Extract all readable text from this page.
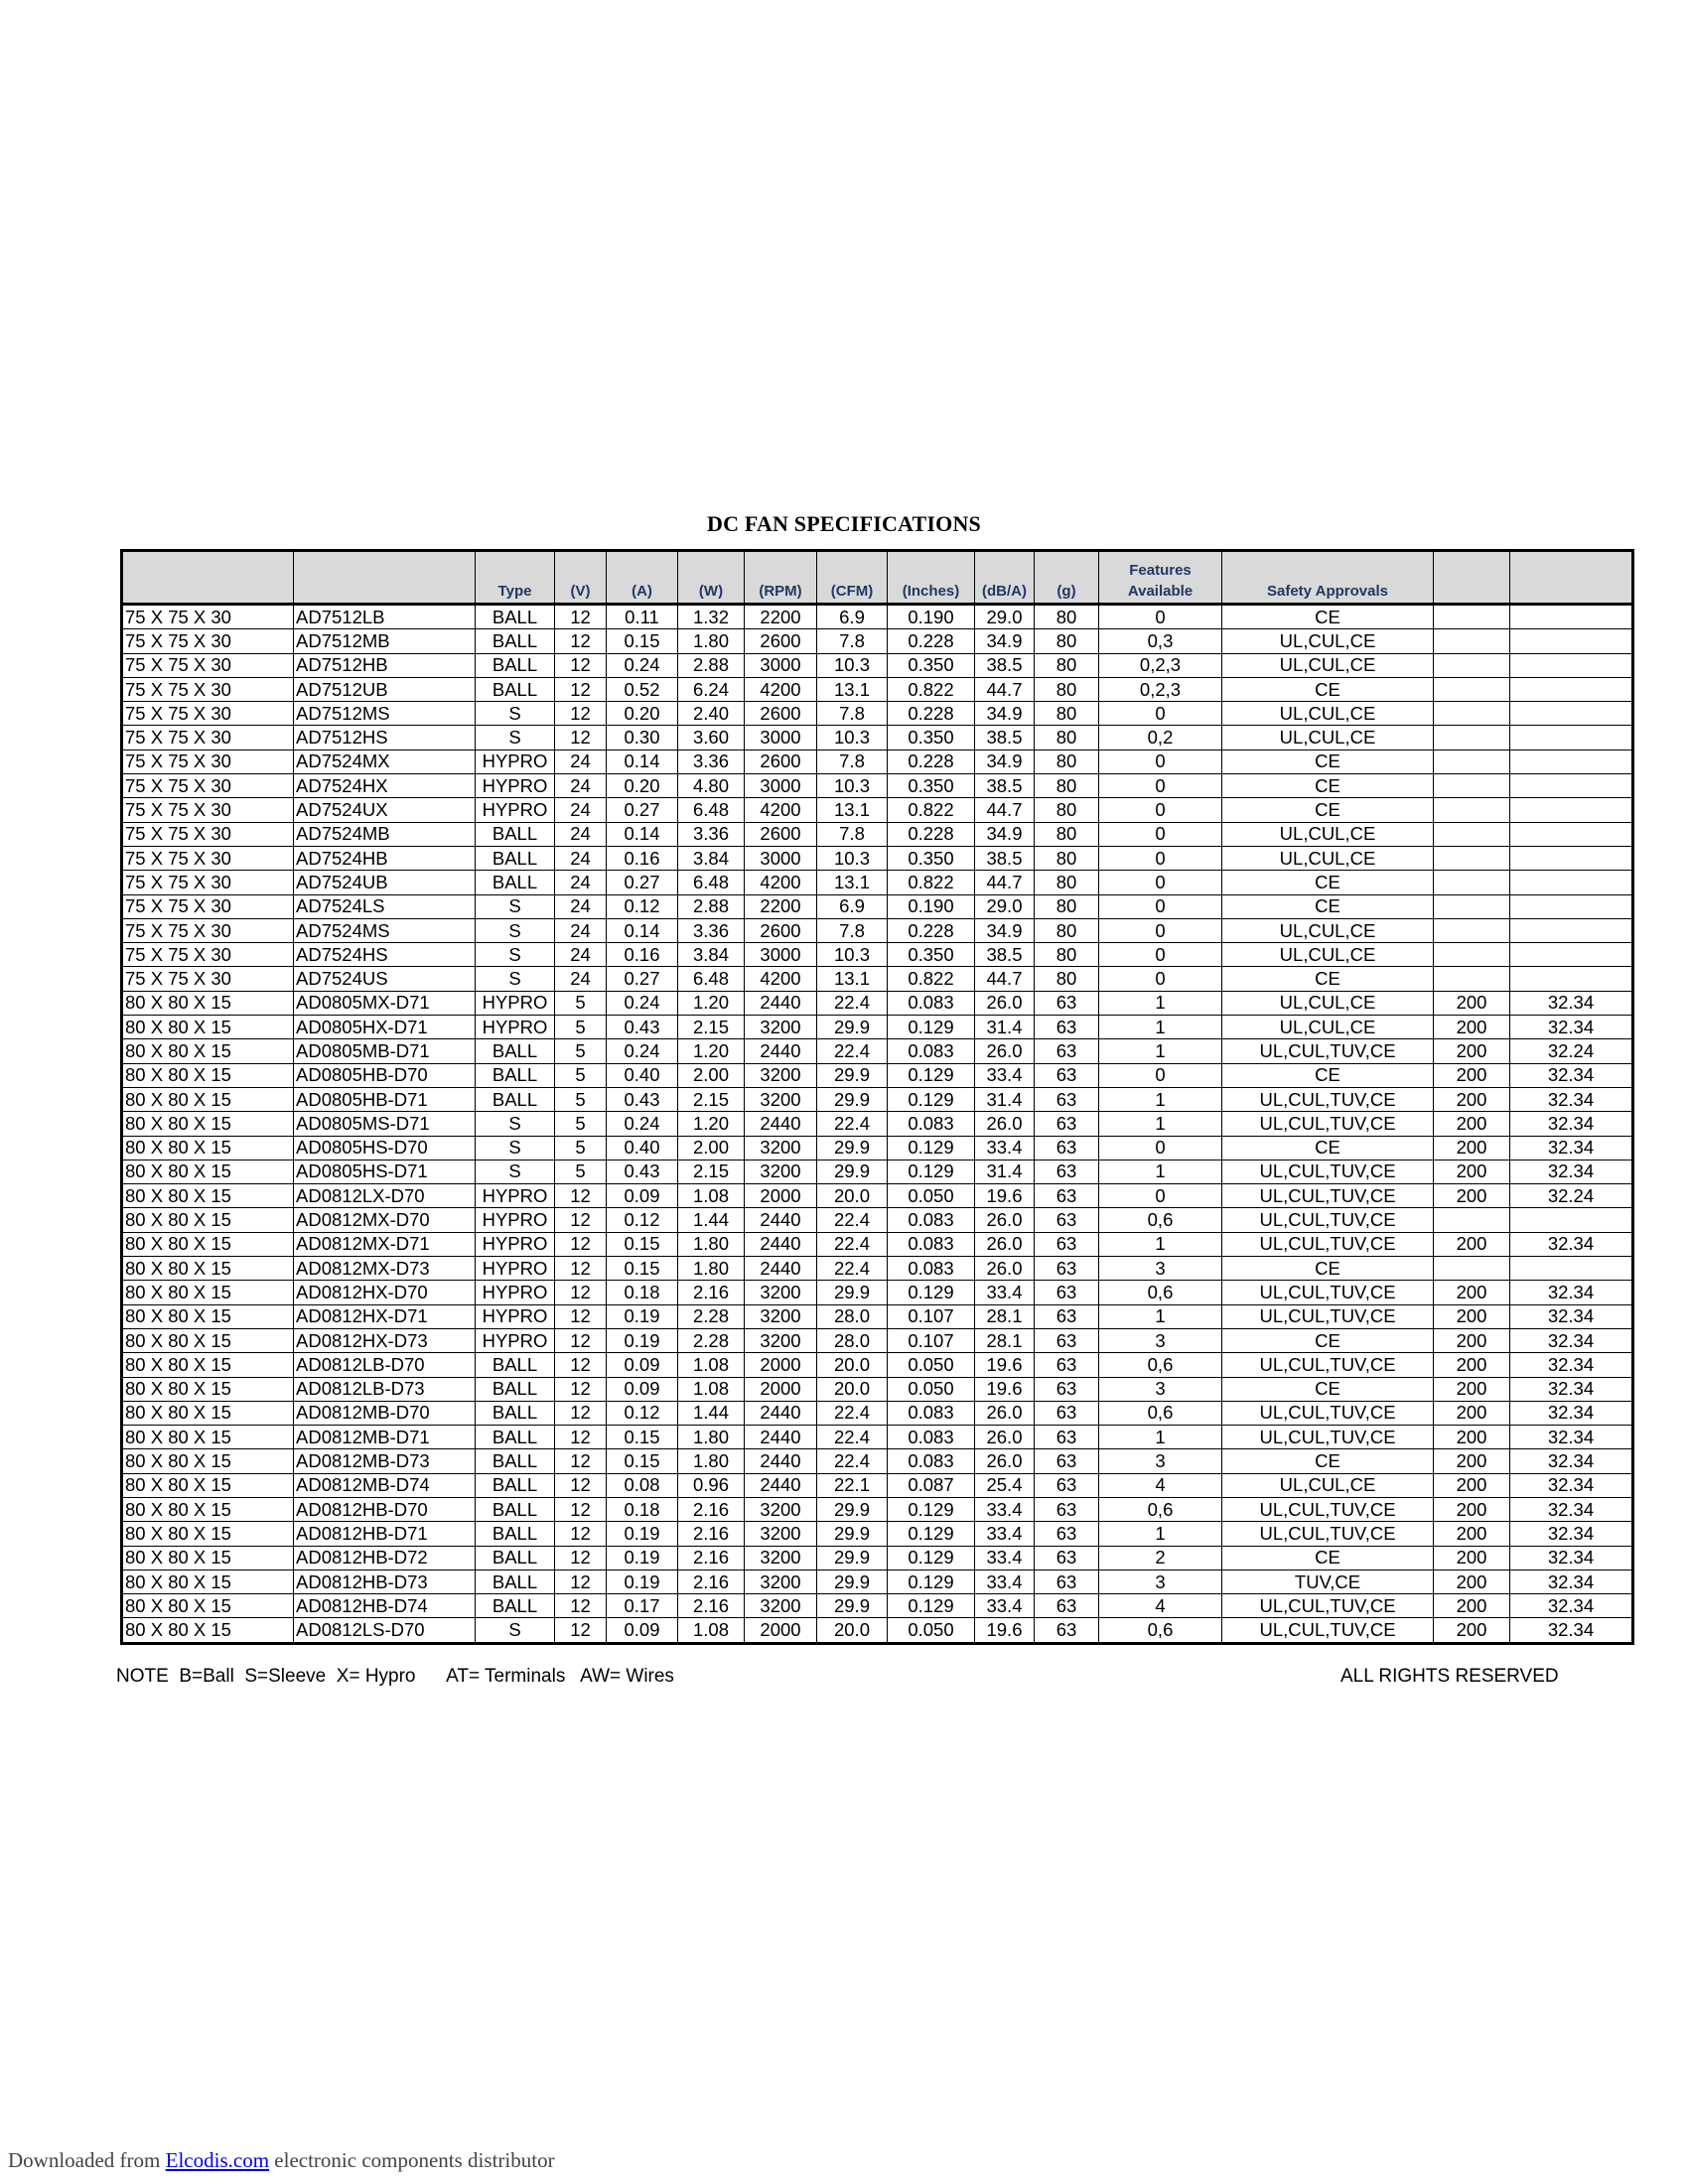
DC FAN SPECIFICATIONS
		Type	(V)	(A)	(W)	(RPM)	(CFM)	(Inches)	(dB/A)	(g)	Features
Available	Safety Approvals		
75 X 75 X 30	AD7512LB	BALL	12	0.11	1.32	2200	6.9	0.190	29.0	80	0	CE		
75 X 75 X 30	AD7512MB	BALL	12	0.15	1.80	2600	7.8	0.228	34.9	80	0,3	UL,CUL,CE		
75 X 75 X 30	AD7512HB	BALL	12	0.24	2.88	3000	10.3	0.350	38.5	80	0,2,3	UL,CUL,CE		
75 X 75 X 30	AD7512UB	BALL	12	0.52	6.24	4200	13.1	0.822	44.7	80	0,2,3	CE		
75 X 75 X 30	AD7512MS	S	12	0.20	2.40	2600	7.8	0.228	34.9	80	0	UL,CUL,CE		
75 X 75 X 30	AD7512HS	S	12	0.30	3.60	3000	10.3	0.350	38.5	80	0,2	UL,CUL,CE		
75 X 75 X 30	AD7524MX	HYPRO	24	0.14	3.36	2600	7.8	0.228	34.9	80	0	CE		
75 X 75 X 30	AD7524HX	HYPRO	24	0.20	4.80	3000	10.3	0.350	38.5	80	0	CE		
75 X 75 X 30	AD7524UX	HYPRO	24	0.27	6.48	4200	13.1	0.822	44.7	80	0	CE		
75 X 75 X 30	AD7524MB	BALL	24	0.14	3.36	2600	7.8	0.228	34.9	80	0	UL,CUL,CE		
75 X 75 X 30	AD7524HB	BALL	24	0.16	3.84	3000	10.3	0.350	38.5	80	0	UL,CUL,CE		
75 X 75 X 30	AD7524UB	BALL	24	0.27	6.48	4200	13.1	0.822	44.7	80	0	CE		
75 X 75 X 30	AD7524LS	S	24	0.12	2.88	2200	6.9	0.190	29.0	80	0	CE		
75 X 75 X 30	AD7524MS	S	24	0.14	3.36	2600	7.8	0.228	34.9	80	0	UL,CUL,CE		
75 X 75 X 30	AD7524HS	S	24	0.16	3.84	3000	10.3	0.350	38.5	80	0	UL,CUL,CE		
75 X 75 X 30	AD7524US	S	24	0.27	6.48	4200	13.1	0.822	44.7	80	0	CE		
80 X 80 X 15	AD0805MX-D71	HYPRO	5	0.24	1.20	2440	22.4	0.083	26.0	63	1	UL,CUL,CE	200	32.34
80 X 80 X 15	AD0805HX-D71	HYPRO	5	0.43	2.15	3200	29.9	0.129	31.4	63	1	UL,CUL,CE	200	32.34
80 X 80 X 15	AD0805MB-D71	BALL	5	0.24	1.20	2440	22.4	0.083	26.0	63	1	UL,CUL,TUV,CE	200	32.24
80 X 80 X 15	AD0805HB-D70	BALL	5	0.40	2.00	3200	29.9	0.129	33.4	63	0	CE	200	32.34
80 X 80 X 15	AD0805HB-D71	BALL	5	0.43	2.15	3200	29.9	0.129	31.4	63	1	UL,CUL,TUV,CE	200	32.34
80 X 80 X 15	AD0805MS-D71	S	5	0.24	1.20	2440	22.4	0.083	26.0	63	1	UL,CUL,TUV,CE	200	32.34
80 X 80 X 15	AD0805HS-D70	S	5	0.40	2.00	3200	29.9	0.129	33.4	63	0	CE	200	32.34
80 X 80 X 15	AD0805HS-D71	S	5	0.43	2.15	3200	29.9	0.129	31.4	63	1	UL,CUL,TUV,CE	200	32.34
80 X 80 X 15	AD0812LX-D70	HYPRO	12	0.09	1.08	2000	20.0	0.050	19.6	63	0	UL,CUL,TUV,CE	200	32.24
80 X 80 X 15	AD0812MX-D70	HYPRO	12	0.12	1.44	2440	22.4	0.083	26.0	63	0,6	UL,CUL,TUV,CE		
80 X 80 X 15	AD0812MX-D71	HYPRO	12	0.15	1.80	2440	22.4	0.083	26.0	63	1	UL,CUL,TUV,CE	200	32.34
80 X 80 X 15	AD0812MX-D73	HYPRO	12	0.15	1.80	2440	22.4	0.083	26.0	63	3	CE		
80 X 80 X 15	AD0812HX-D70	HYPRO	12	0.18	2.16	3200	29.9	0.129	33.4	63	0,6	UL,CUL,TUV,CE	200	32.34
80 X 80 X 15	AD0812HX-D71	HYPRO	12	0.19	2.28	3200	28.0	0.107	28.1	63	1	UL,CUL,TUV,CE	200	32.34
80 X 80 X 15	AD0812HX-D73	HYPRO	12	0.19	2.28	3200	28.0	0.107	28.1	63	3	CE	200	32.34
80 X 80 X 15	AD0812LB-D70	BALL	12	0.09	1.08	2000	20.0	0.050	19.6	63	0,6	UL,CUL,TUV,CE	200	32.34
80 X 80 X 15	AD0812LB-D73	BALL	12	0.09	1.08	2000	20.0	0.050	19.6	63	3	CE	200	32.34
80 X 80 X 15	AD0812MB-D70	BALL	12	0.12	1.44	2440	22.4	0.083	26.0	63	0,6	UL,CUL,TUV,CE	200	32.34
80 X 80 X 15	AD0812MB-D71	BALL	12	0.15	1.80	2440	22.4	0.083	26.0	63	1	UL,CUL,TUV,CE	200	32.34
80 X 80 X 15	AD0812MB-D73	BALL	12	0.15	1.80	2440	22.4	0.083	26.0	63	3	CE	200	32.34
80 X 80 X 15	AD0812MB-D74	BALL	12	0.08	0.96	2440	22.1	0.087	25.4	63	4	UL,CUL,CE	200	32.34
80 X 80 X 15	AD0812HB-D70	BALL	12	0.18	2.16	3200	29.9	0.129	33.4	63	0,6	UL,CUL,TUV,CE	200	32.34
80 X 80 X 15	AD0812HB-D71	BALL	12	0.19	2.16	3200	29.9	0.129	33.4	63	1	UL,CUL,TUV,CE	200	32.34
80 X 80 X 15	AD0812HB-D72	BALL	12	0.19	2.16	3200	29.9	0.129	33.4	63	2	CE	200	32.34
80 X 80 X 15	AD0812HB-D73	BALL	12	0.19	2.16	3200	29.9	0.129	33.4	63	3	TUV,CE	200	32.34
80 X 80 X 15	AD0812HB-D74	BALL	12	0.17	2.16	3200	29.9	0.129	33.4	63	4	UL,CUL,TUV,CE	200	32.34
80 X 80 X 15	AD0812LS-D70	S	12	0.09	1.08	2000	20.0	0.050	19.6	63	0,6	UL,CUL,TUV,CE	200	32.34
NOTE  B=Ball  S=Sleeve  X= Hypro      AT= Terminals   AW= Wires	ALL RIGHTS RESERVED
Downloaded from Elcodis.com electronic components distributor
